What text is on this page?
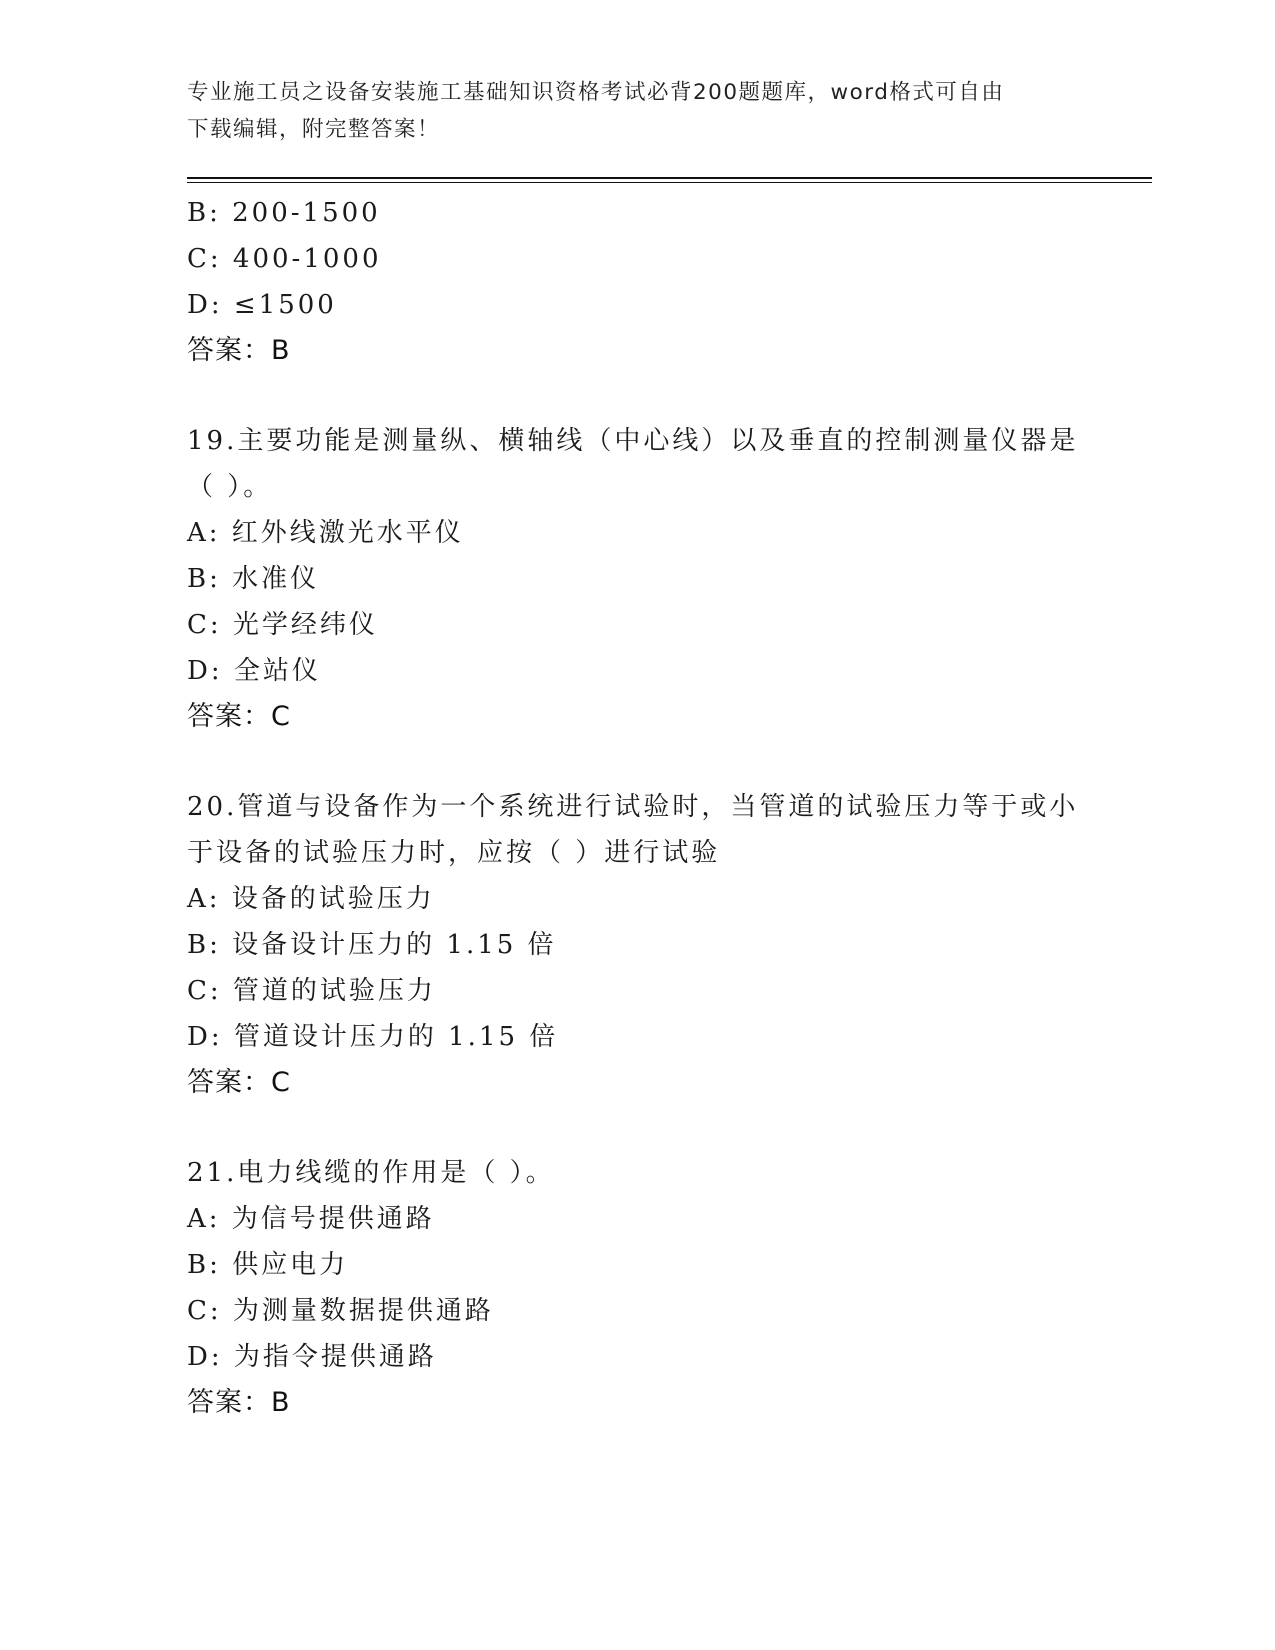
专业施工员之设备安装施工基础知识资格考试必背200题题库，word格式可自由
下载编辑，附完整答案！
B: 200-1500
C: 400-1000
D: ≤1500
答案：B
19.主要功能是测量纵、横轴线（中心线）以及垂直的控制测量仪器是
（ ）。
A: 红外线激光水平仪
B: 水准仪
C: 光学经纬仪
D: 全站仪
答案：C
20.管道与设备作为一个系统进行试验时，当管道的试验压力等于或小
于设备的试验压力时，应按（ ）进行试验
A: 设备的试验压力
B: 设备设计压力的 1.15 倍
C: 管道的试验压力
D: 管道设计压力的 1.15 倍
答案：C
21.电力线缆的作用是（ ）。
A: 为信号提供通路
B: 供应电力
C: 为测量数据提供通路
D: 为指令提供通路
答案：B
